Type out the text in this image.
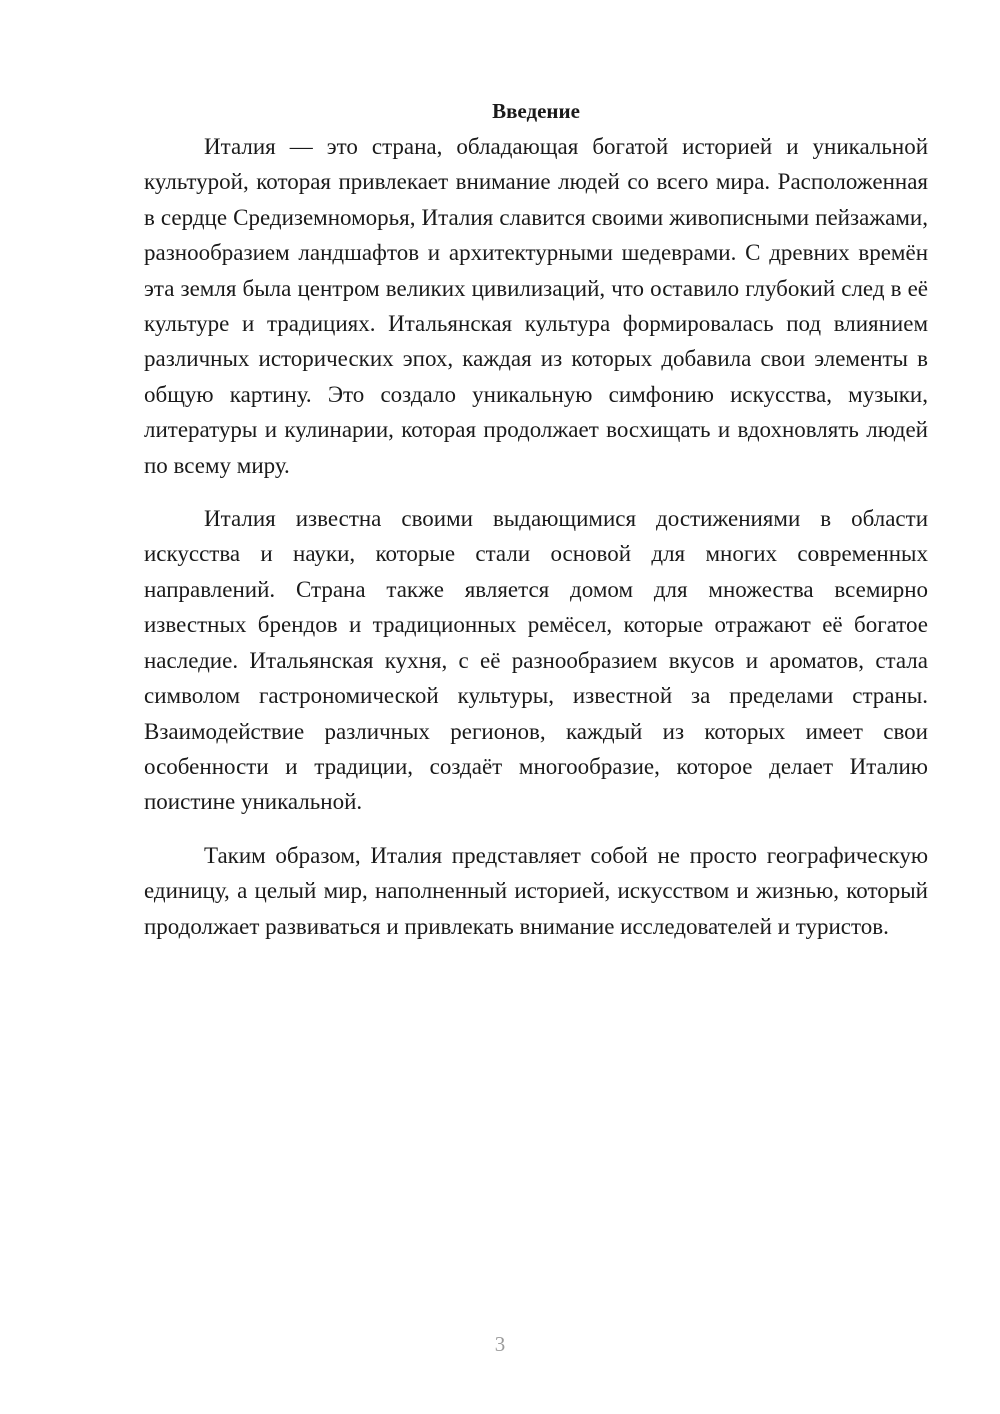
Введение

Италия — это страна, обладающая богатой историей и уникальной культурой, которая привлекает внимание людей со всего мира. Расположенная в сердце Средиземноморья, Италия славится своими живописными пейзажами, разнообразием ландшафтов и архитектурными шедеврами. С древних времён эта земля была центром великих цивилизаций, что оставило глубокий след в её культуре и традициях. Итальянская культура формировалась под влиянием различных исторических эпох, каждая из которых добавила свои элементы в общую картину. Это создало уникальную симфонию искусства, музыки, литературы и кулинарии, которая продолжает восхищать и вдохновлять людей по всему миру.

Италия известна своими выдающимися достижениями в области искусства и науки, которые стали основой для многих современных направлений. Страна также является домом для множества всемирно известных брендов и традиционных ремёсел, которые отражают её богатое наследие. Итальянская кухня, с её разнообразием вкусов и ароматов, стала символом гастрономической культуры, известной за пределами страны. Взаимодействие различных регионов, каждый из которых имеет свои особенности и традиции, создаёт многообразие, которое делает Италию поистине уникальной.

Таким образом, Италия представляет собой не просто географическую единицу, а целый мир, наполненный историей, искусством и жизнью, который продолжает развиваться и привлекать внимание исследователей и туристов.

3
